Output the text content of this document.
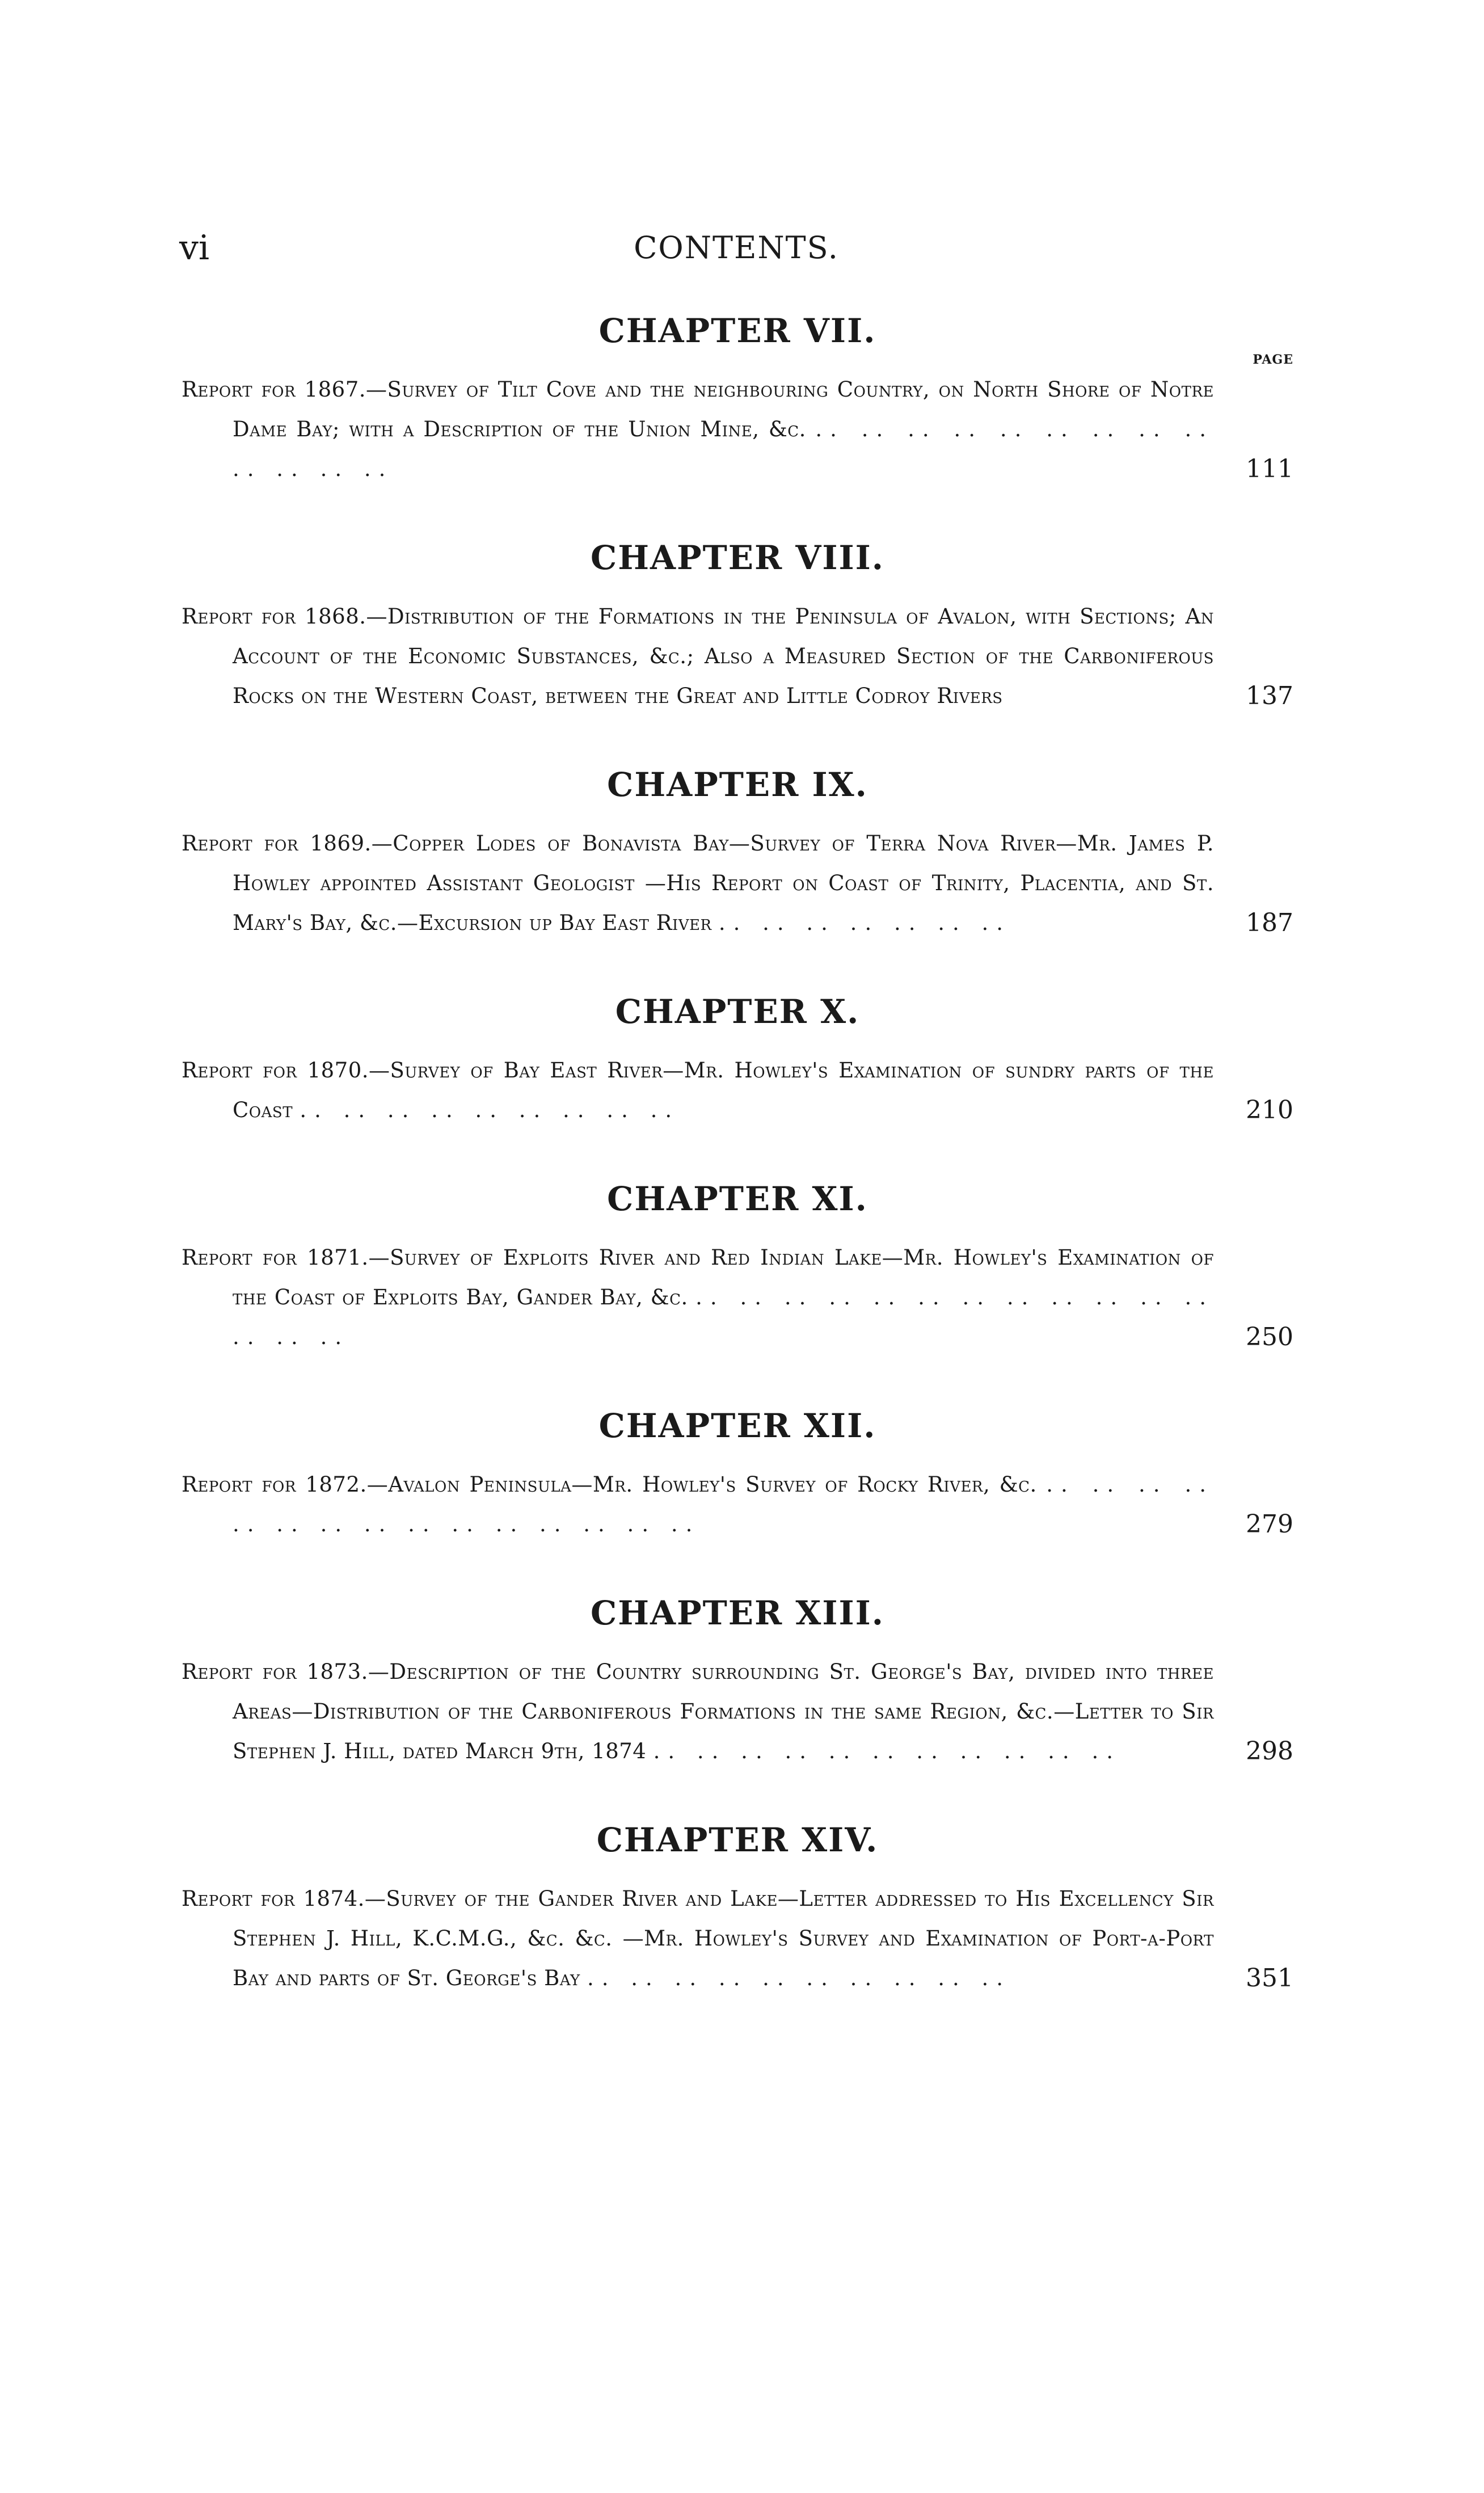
vi	CONTENTS.
CHAPTER VII.
PAGE
Report for 1867.—Survey of Tilt Cove and the neighbouring Country, on North Shore of Notre Dame Bay; with a Description of the Union Mine, &c. .. .. .. .. .. .. .. .. .. .. .. .. ..	111
CHAPTER VIII.
Report for 1868.—Distribution of the Formations in the Peninsula of Avalon, with Sections; An Account of the Economic Substances, &c.; Also a Measured Section of the Carboniferous Rocks on the Western Coast, between the Great and Little Codroy Rivers	137
CHAPTER IX.
Report for 1869.—Copper Lodes of Bonavista Bay—Survey of Terra Nova River—Mr. James P. Howley appointed Assistant Geologist —His Report on Coast of Trinity, Placentia, and St. Mary's Bay, &c.—Excursion up Bay East River .. .. .. .. .. .. ..	187
CHAPTER X.
Report for 1870.—Survey of Bay East River—Mr. Howley's Examination of sundry parts of the Coast .. .. .. .. .. .. .. .. ..	210
CHAPTER XI.
Report for 1871.—Survey of Exploits River and Red Indian Lake—Mr. Howley's Examination of the Coast of Exploits Bay, Gander Bay, &c. .. .. .. .. .. .. .. .. .. .. .. .. .. .. ..	250
CHAPTER XII.
Report for 1872.—Avalon Peninsula—Mr. Howley's Survey of Rocky River, &c. .. .. .. .. .. .. .. .. .. .. .. .. .. .. ..	279
CHAPTER XIII.
Report for 1873.—Description of the Country surrounding St. George's Bay, divided into three Areas—Distribution of the Carboniferous Formations in the same Region, &c.—Letter to Sir Stephen J. Hill, dated March 9th, 1874 .. .. .. .. .. .. .. .. .. .. ..	298
CHAPTER XIV.
Report for 1874.—Survey of the Gander River and Lake—Letter addressed to His Excellency Sir Stephen J. Hill, K.C.M.G., &c. &c. —Mr. Howley's Survey and Examination of Port-a-Port Bay and parts of St. George's Bay .. .. .. .. .. .. .. .. .. ..	351
